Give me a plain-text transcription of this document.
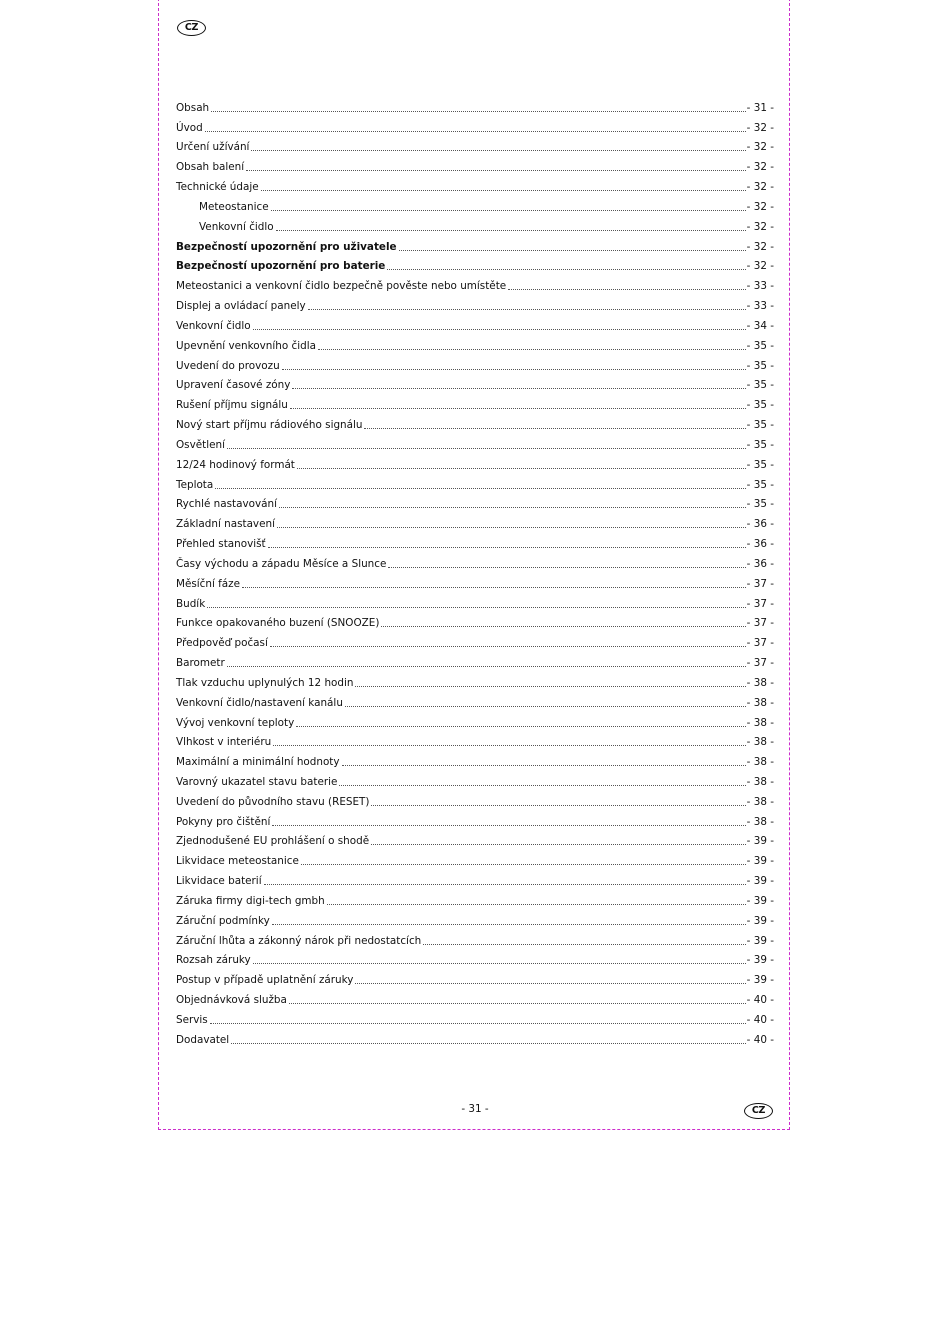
CZ
Obsah	- 31 -
Úvod	- 32 -
Určení užívání	- 32 -
Obsah balení	- 32 -
Technické údaje	- 32 -
Meteostanice	- 32 -
Venkovní čidlo	- 32 -
Bezpečností upozornění pro uživatele	- 32 -
Bezpečností upozornění pro baterie	- 32 -
Meteostanici a venkovní čidlo bezpečně pověste nebo umístěte	- 33 -
Displej a ovládací panely	- 33 -
Venkovní čidlo	- 34 -
Upevnění venkovního čidla	- 35 -
Uvedení do provozu	- 35 -
Upravení časové zóny	- 35 -
Rušení příjmu signálu	- 35 -
Nový start příjmu rádiového signálu	- 35 -
Osvětlení	- 35 -
12/24 hodinový formát	- 35 -
Teplota	- 35 -
Rychlé nastavování	- 35 -
Základní nastavení	- 36 -
Přehled stanovišť	- 36 -
Časy východu a západu Měsíce a Slunce	- 36 -
Měsíční fáze	- 37 -
Budík	- 37 -
Funkce opakovaného buzení (SNOOZE)	- 37 -
Předpověď počasí	- 37 -
Barometr	- 37 -
Tlak vzduchu uplynulých 12 hodin	- 38 -
Venkovní čidlo/nastavení kanálu	- 38 -
Vývoj venkovní teploty	- 38 -
Vlhkost v interiéru	- 38 -
Maximální a minimální hodnoty	- 38 -
Varovný ukazatel stavu baterie	- 38 -
Uvedení do původního stavu (RESET)	- 38 -
Pokyny pro čištění	- 38 -
Zjednodušené EU prohlášení o shodě	- 39 -
Likvidace meteostanice	- 39 -
Likvidace baterií	- 39 -
Záruka firmy digi-tech gmbh	- 39 -
Záruční podmínky	- 39 -
Záruční lhůta a zákonný nárok při nedostatcích	- 39 -
Rozsah záruky	- 39 -
Postup v případě uplatnění záruky	- 39 -
Objednávková služba	- 40 -
Servis	- 40 -
Dodavatel	- 40 -
- 31 -	CZ
